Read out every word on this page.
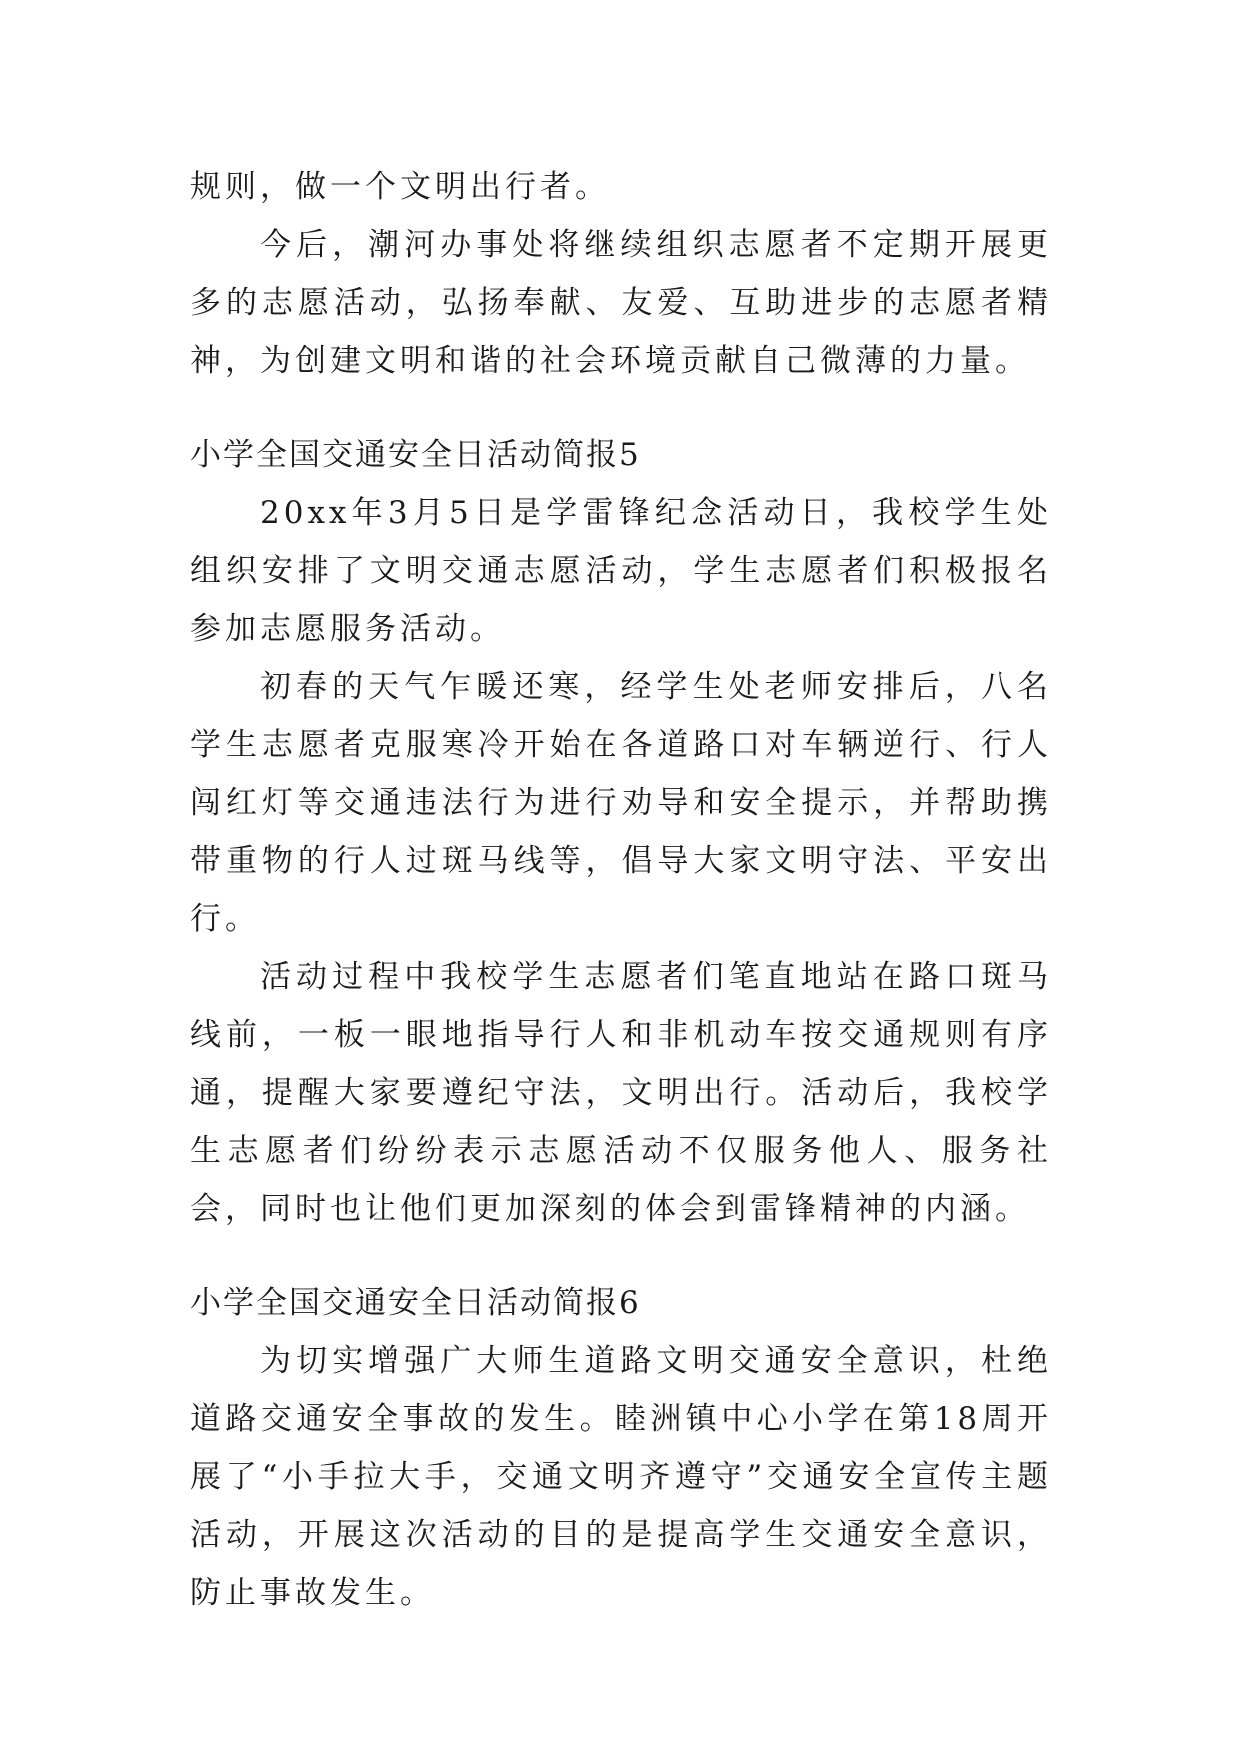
规则，做一个文明出行者。

今后，潮河办事处将继续组织志愿者不定期开展更多的志愿活动，弘扬奉献、友爱、互助进步的志愿者精神，为创建文明和谐的社会环境贡献自己微薄的力量。

小学全国交通安全日活动简报5

20xx年3月5日是学雷锋纪念活动日，我校学生处组织安排了文明交通志愿活动，学生志愿者们积极报名参加志愿服务活动。

初春的天气乍暖还寒，经学生处老师安排后，八名学生志愿者克服寒冷开始在各道路口对车辆逆行、行人闯红灯等交通违法行为进行劝导和安全提示，并帮助携带重物的行人过斑马线等，倡导大家文明守法、平安出行。

活动过程中我校学生志愿者们笔直地站在路口斑马线前，一板一眼地指导行人和非机动车按交通规则有序通，提醒大家要遵纪守法，文明出行。活动后，我校学生志愿者们纷纷表示志愿活动不仅服务他人、服务社会，同时也让他们更加深刻的体会到雷锋精神的内涵。

小学全国交通安全日活动简报6

为切实增强广大师生道路文明交通安全意识，杜绝道路交通安全事故的发生。睦洲镇中心小学在第18周开展了“小手拉大手，交通文明齐遵守”交通安全宣传主题活动，开展这次活动的目的是提高学生交通安全意识，防止事故发生。
